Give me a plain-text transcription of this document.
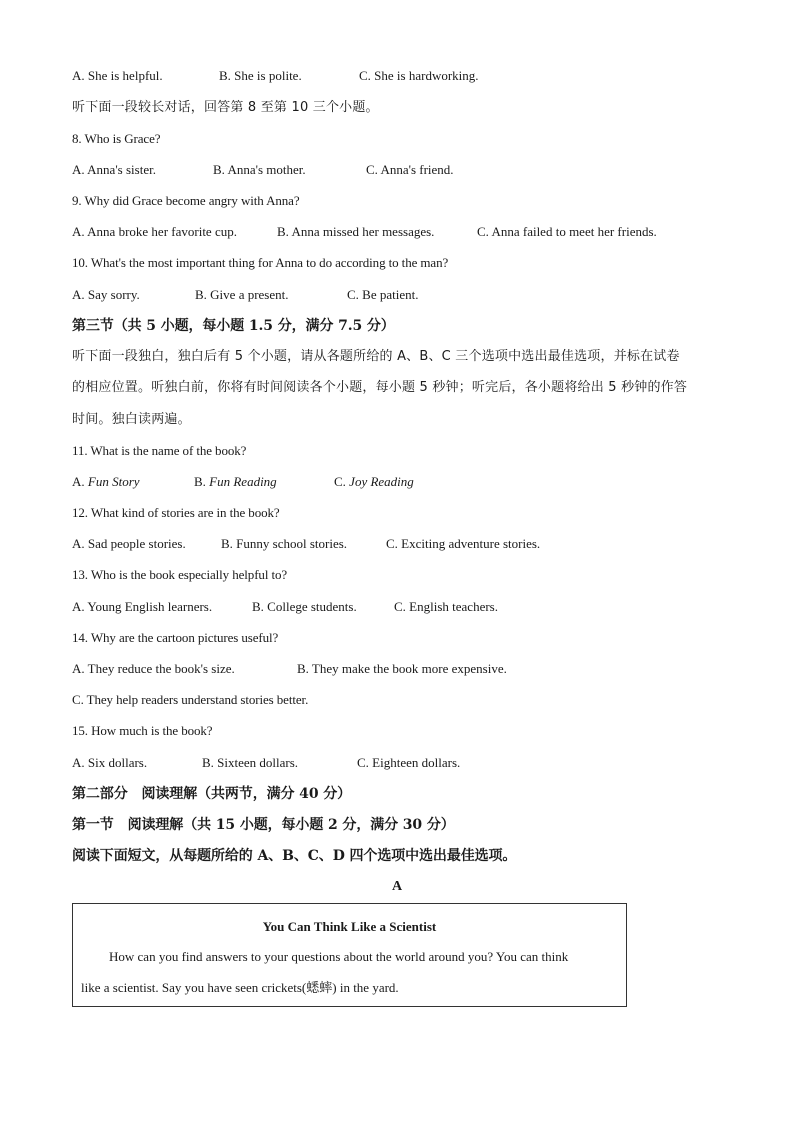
A. She is helpful.	B. She is polite.	C. She is hardworking.
听下面一段较长对话，回答第 8 至第 10 三个小题。
8. Who is Grace?
A. Anna's sister.	B. Anna's mother.	C. Anna's friend.
9. Why did Grace become angry with Anna?
A. Anna broke her favorite cup.	B. Anna missed her messages.	C. Anna failed to meet her friends.
10. What's the most important thing for Anna to do according to the man?
A. Say sorry.	B. Give a present.	C. Be patient.
第三节（共 5 小题，每小题 1.5 分，满分 7.5 分）
听下面一段独白，独白后有 5 个小题，请从各题所给的 A、B、C 三个选项中选出最佳选项，并标在试卷
的相应位置。听独白前，你将有时间阅读各个小题，每小题 5 秒钟；听完后，各小题将给出 5 秒钟的作答
时间。独白读两遍。
11. What is the name of the book?
A. Fun Story	B. Fun Reading	C. Joy Reading
12. What kind of stories are in the book?
A. Sad people stories.	B. Funny school stories.	C. Exciting adventure stories.
13. Who is the book especially helpful to?
A. Young English learners.	B. College students.	C. English teachers.
14. Why are the cartoon pictures useful?
A. They reduce the book's size.	B. They make the book more expensive.
C. They help readers understand stories better.
15. How much is the book?
A. Six dollars.	B. Sixteen dollars.	C. Eighteen dollars.
第二部分　阅读理解（共两节，满分 40 分）
第一节　阅读理解（共 15 小题，每小题 2 分，满分 30 分）
阅读下面短文，从每题所给的 A、B、C、D 四个选项中选出最佳选项。
A
You Can Think Like a Scientist
How can you find answers to your questions about the world around you? You can think
like a scientist. Say you have seen crickets(蟋蟀) in the yard.
